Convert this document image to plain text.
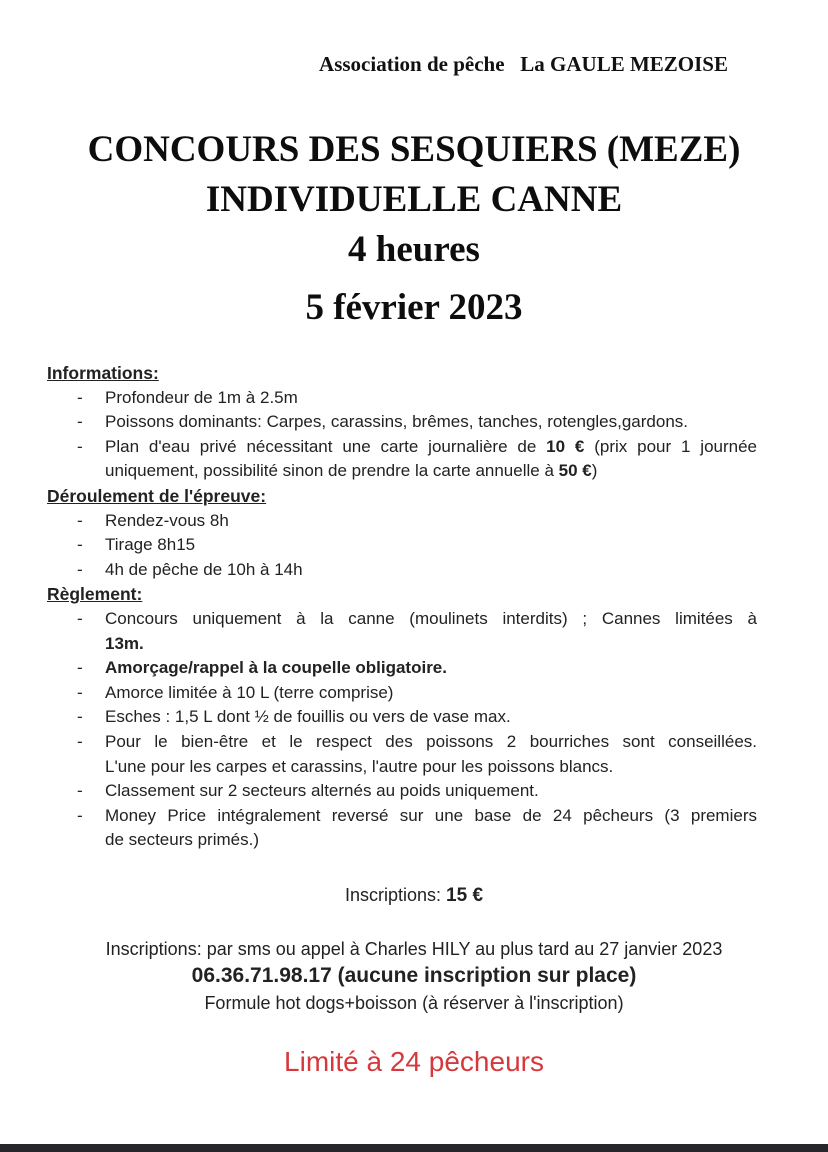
Association de pêche   La GAULE MEZOISE
CONCOURS DES SESQUIERS (MEZE)
INDIVIDUELLE CANNE
4 heures
5 février 2023
Informations:
-	Profondeur de 1m à 2.5m
-	Poissons dominants: Carpes, carassins, brêmes, tanches, rotengles,gardons.
-	Plan d'eau privé nécessitant une carte journalière de 10 € (prix pour 1 journée
uniquement, possibilité sinon de prendre la carte annuelle à 50 €)
Déroulement de l'épreuve:
-	Rendez-vous 8h
-	Tirage 8h15
-	4h de pêche de 10h à 14h
Règlement:
-	Concours uniquement à la canne (moulinets interdits) ; Cannes limitées à
13m.
-	Amorçage/rappel à la coupelle obligatoire.
-	Amorce limitée à 10 L (terre comprise)
-	Esches : 1,5 L dont ½ de fouillis ou vers de vase max.
-	Pour le bien-être et le respect des poissons 2 bourriches sont conseillées.
L'une pour les carpes et carassins, l'autre pour les poissons blancs.
-	Classement sur 2 secteurs alternés au poids uniquement.
-	Money Price intégralement reversé sur une base de 24 pêcheurs (3 premiers
de secteurs primés.)
Inscriptions: 15 €
Inscriptions: par sms ou appel à Charles HILY au plus tard au 27 janvier 2023
06.36.71.98.17 (aucune inscription sur place)
Formule hot dogs+boisson (à réserver à l'inscription)
Limité à 24 pêcheurs
